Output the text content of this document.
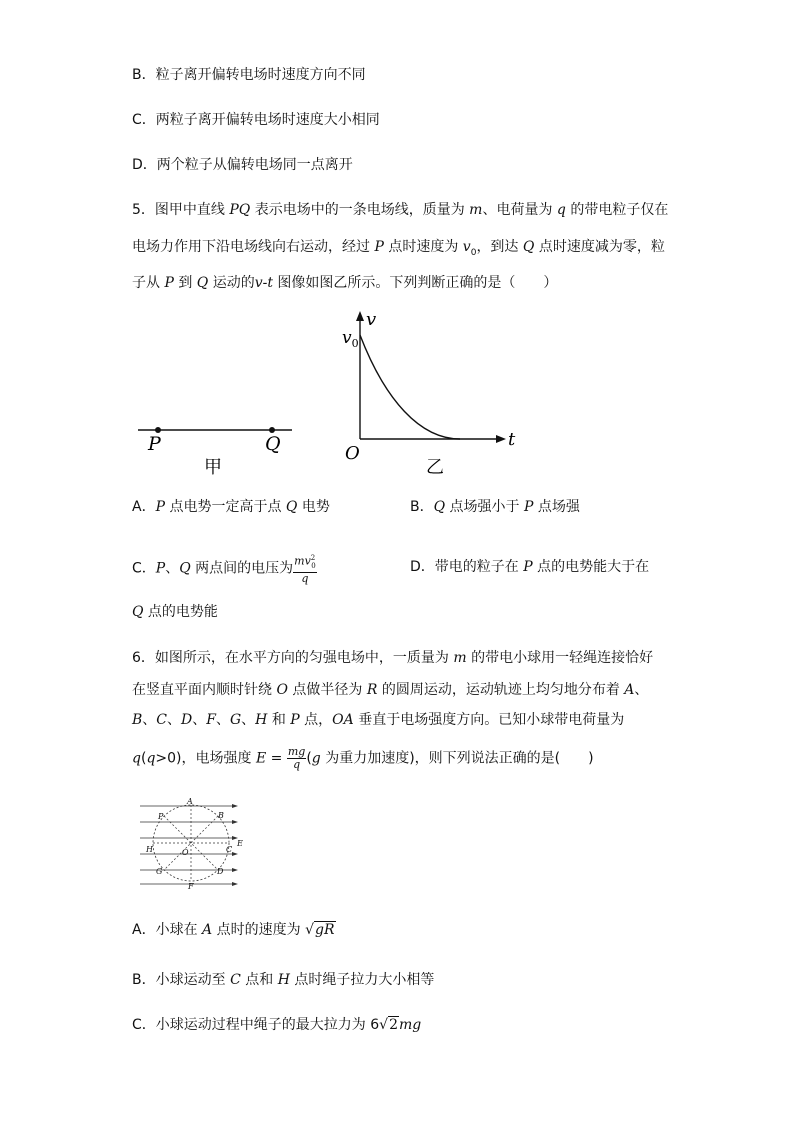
B．粒子离开偏转电场时速度方向不同
C．两粒子离开偏转电场时速度大小相同
D．两个粒子从偏转电场同一点离开
5．图甲中直线 PQ 表示电场中的一条电场线，质量为 m、电荷量为 q 的带电粒子仅在
电场力作用下沿电场线向右运动，经过 P 点时速度为 $v_0$，到达 Q 点时速度减为零，粒
子从 P 到 Q 运动的v-t 图像如图乙所示。下列判断正确的是（　　）
P	Q
甲
v
$v_0$
O
t
乙
A．P 点电势一定高于点 Q 电势	B．Q 点场强小于 P 点场强
C．P、Q 两点间的电压为 $\frac{mv^2_0}{q}$	D．带电的粒子在 P 点的电势能大于在
Q 点的电势能
6．如图所示，在水平方向的匀强电场中，一质量为 m 的带电小球用一轻绳连接恰好
在竖直平面内顺时针绕 O 点做半径为 R 的圆周运动，运动轨迹上均匀地分布着 A、
B、C、D、F、G、H 和 P 点，OA 垂直于电场强度方向。已知小球带电荷量为
q(q>0)，电场强度 $E = \frac{mg}{q} (g$ 为重力加速度)，则下列说法正确的是(　　)
A
B
P
H	O	C
E
G	D
F
A．小球在 A 点时的速度为 √gR
B．小球运动至 C 点和 H 点时绳子拉力大小相等
C．小球运动过程中绳子的最大拉力为 6√2mg
